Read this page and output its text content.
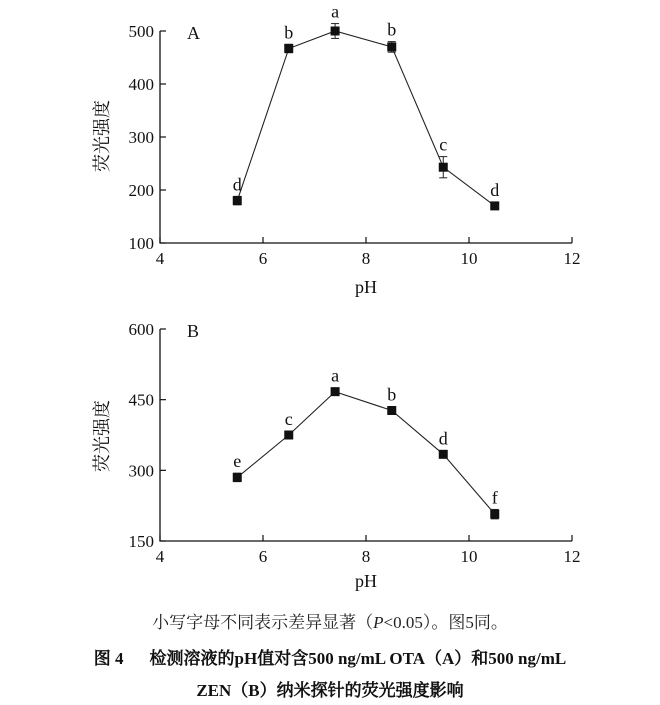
4	6	8	10	12
100
200
300
400
500
pH
荧光强度
A
d
b
a
b
c
d
4	6	8	10	12
150
300
450
600
pH
荧光强度
B
e
c
a
b
d
f
小写字母不同表示差异显著（P<0.05）。图5同。
图 4 检测溶液的pH值对含500 ng/mL OTA（A）和500 ng/mL
ZEN（B）纳米探针的荧光强度影响
